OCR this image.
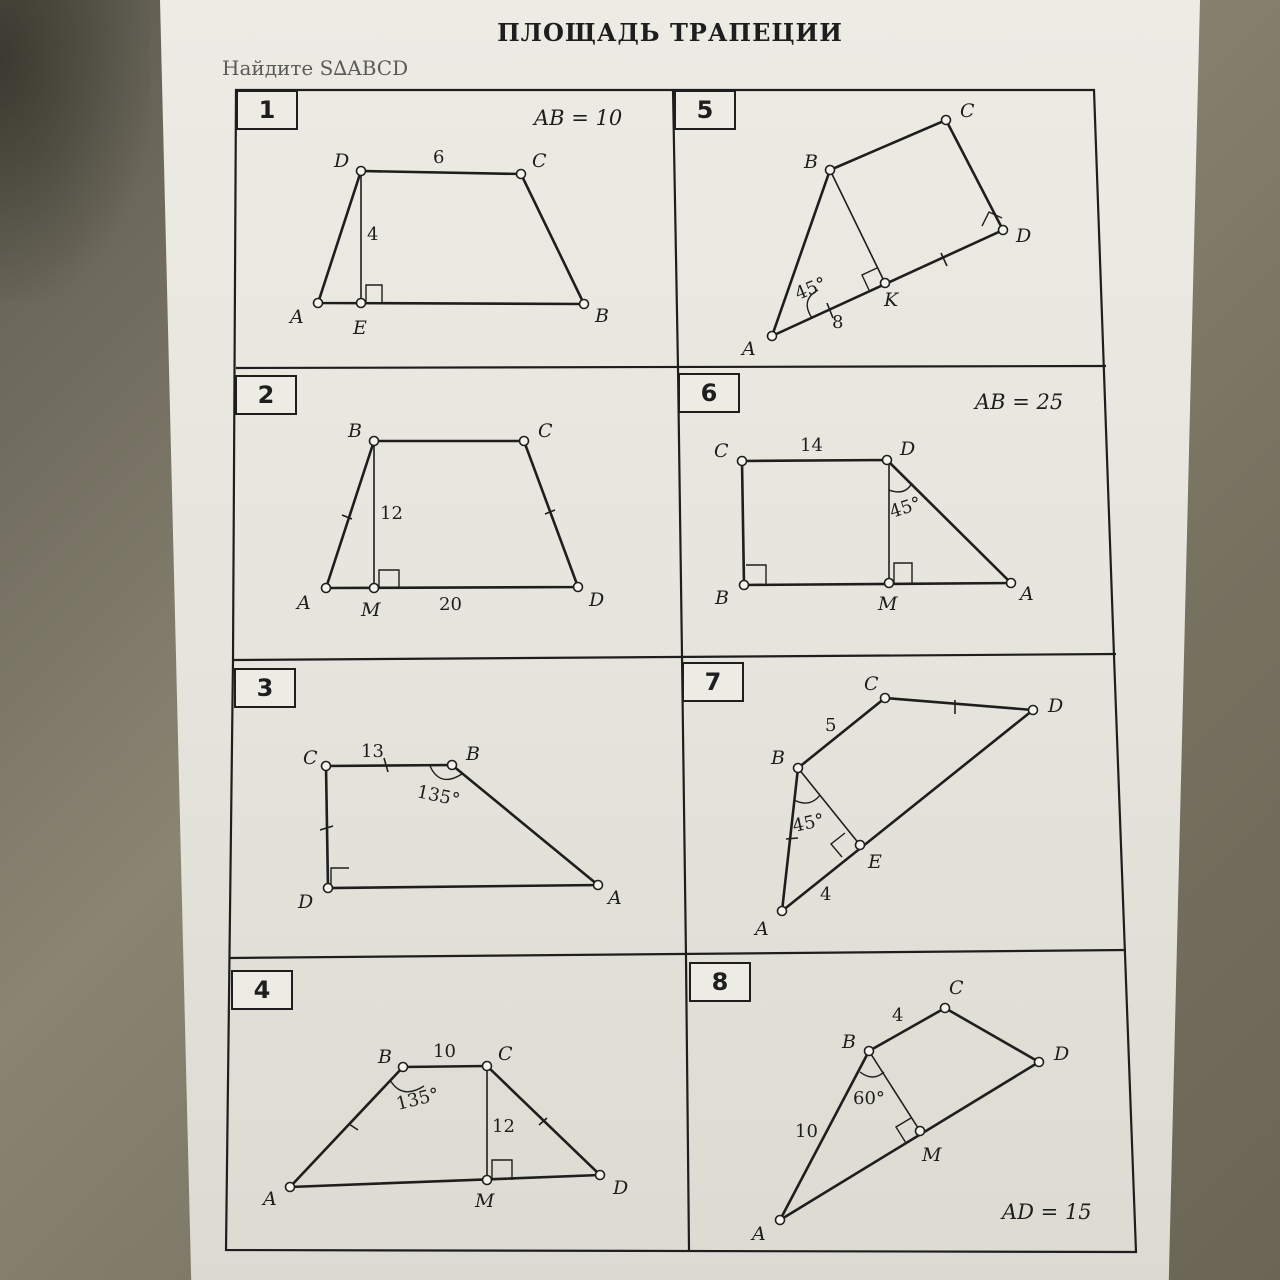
ПЛОЩАДЬ ТРАПЕЦИИ
Найдите S∆ABCD
1	5
2	6
3	7
4	8
AB = 10
AB = 25
AD = 15
A	E
B
D	C
6
4
A
K
B
C
D
45°
8
A	M	D
B	C
12
20
C	D
A
M
B
14
45°
C	B
A
D
13
135°
A
E
B
C
D
5
4
45°
A	M
D
B	C
10
12
135°
A
M
B
C
D
4
10
60°
